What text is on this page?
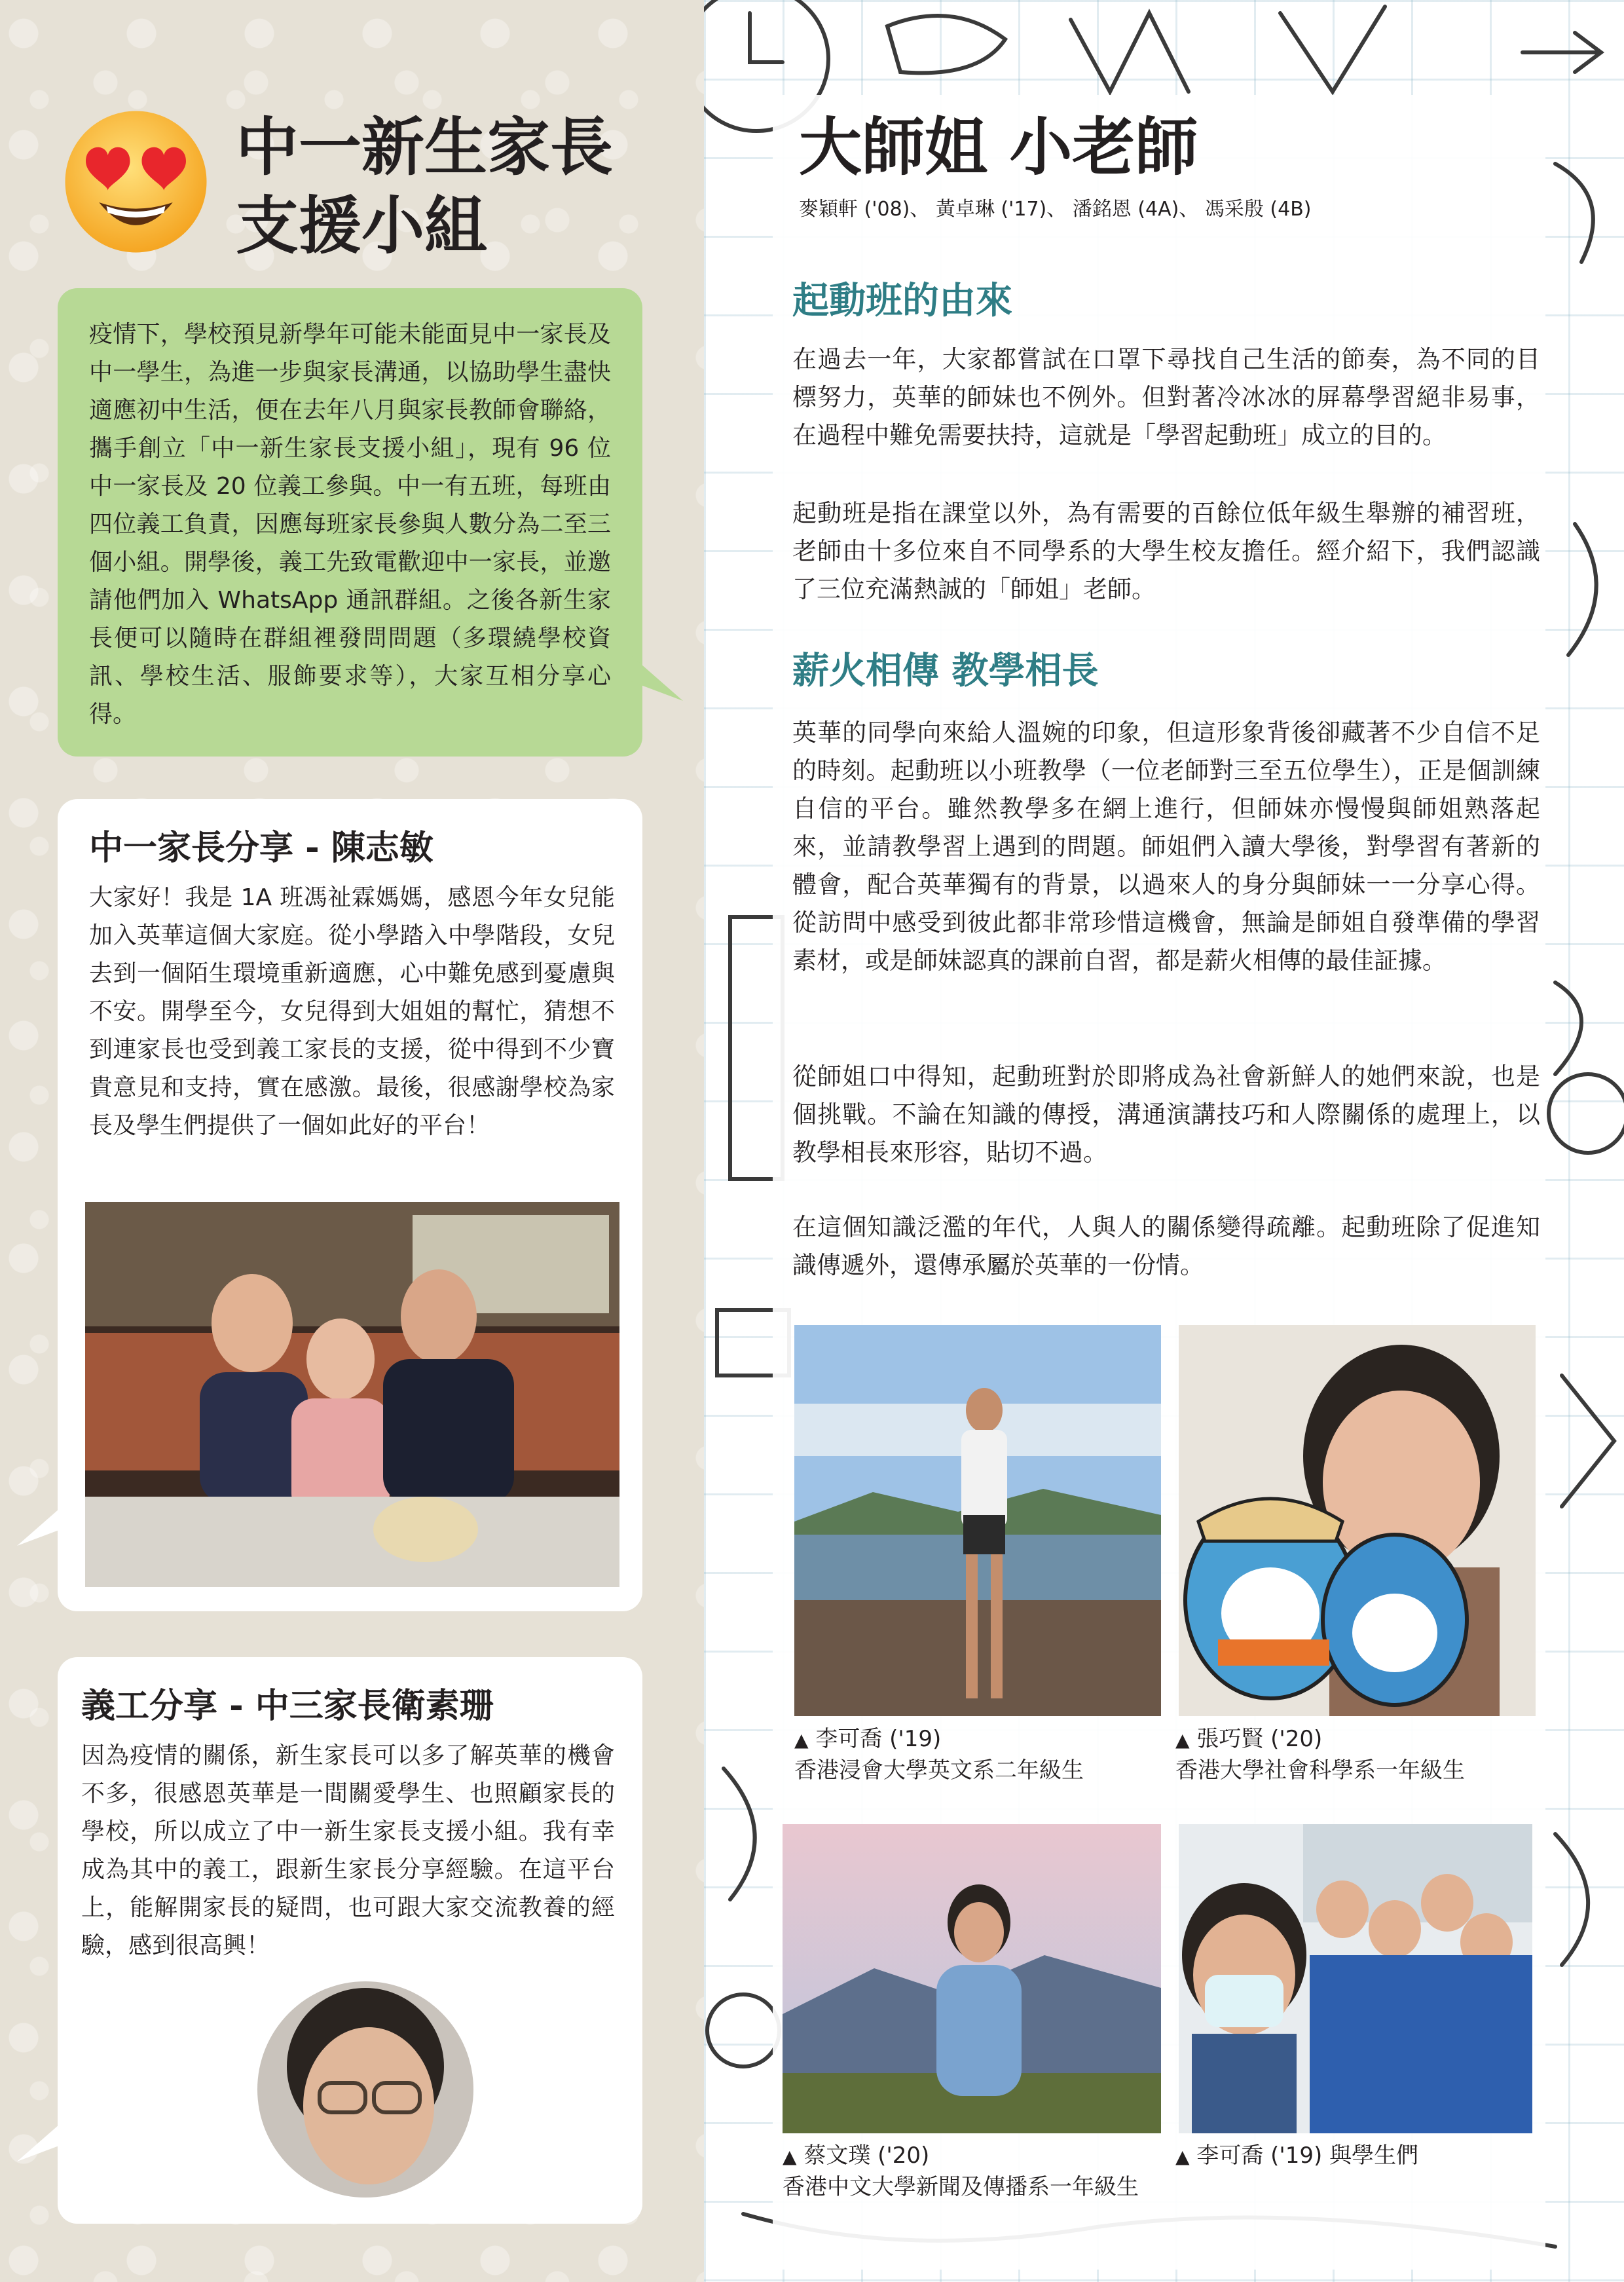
中一新生家長
支援小組

疫情下，學校預見新學年可能未能面見中一家長及中一學生，為進一步與家長溝通，以協助學生盡快適應初中生活，便在去年八月與家長教師會聯絡，攜手創立「中一新生家長支援小組」，現有 96 位中一家長及 20 位義工參與。中一有五班，每班由四位義工負責，因應每班家長參與人數分為二至三個小組。開學後，義工先致電歡迎中一家長，並邀請他們加入 WhatsApp 通訊群組。之後各新生家長便可以隨時在群組裡發問問題（多環繞學校資訊、學校生活、服飾要求等），大家互相分享心得。

中一家長分享 - 陳志敏

大家好！我是 1A 班馮祉霖媽媽，感恩今年女兒能加入英華這個大家庭。從小學踏入中學階段，女兒去到一個陌生環境重新適應，心中難免感到憂慮與不安。開學至今，女兒得到大姐姐的幫忙，猜想不到連家長也受到義工家長的支援，從中得到不少寶貴意見和支持，實在感激。最後，很感謝學校為家長及學生們提供了一個如此好的平台！

義工分享 - 中三家長衛素珊

因為疫情的關係，新生家長可以多了解英華的機會不多，很感恩英華是一間關愛學生、也照顧家長的學校，所以成立了中一新生家長支援小組。我有幸成為其中的義工，跟新生家長分享經驗。在這平台上，能解開家長的疑問，也可跟大家交流教養的經驗，感到很高興！

大師姐 小老師
麥穎軒 ('08)、 黃卓琳 ('17)、 潘銘恩 (4A)、 馮采殷 (4B)
起動班的由來

在過去一年，大家都嘗試在口罩下尋找自己生活的節奏，為不同的目標努力，英華的師妹也不例外。但對著冷冰冰的屏幕學習絕非易事，在過程中難免需要扶持，這就是「學習起動班」成立的目的。

起動班是指在課堂以外，為有需要的百餘位低年級生舉辦的補習班，老師由十多位來自不同學系的大學生校友擔任。經介紹下，我們認識了三位充滿熱誠的「師姐」老師。

薪火相傳 教學相長

英華的同學向來給人溫婉的印象，但這形象背後卻藏著不少自信不足的時刻。起動班以小班教學（一位老師對三至五位學生），正是個訓練自信的平台。雖然教學多在網上進行，但師妹亦慢慢與師姐熟落起來，並請教學習上遇到的問題。師姐們入讀大學後，對學習有著新的體會，配合英華獨有的背景，以過來人的身分與師妹一一分享心得。從訪問中感受到彼此都非常珍惜這機會，無論是師姐自發準備的學習素材，或是師妹認真的課前自習，都是薪火相傳的最佳証據。

從師姐口中得知，起動班對於即將成為社會新鮮人的她們來說，也是個挑戰。不論在知識的傳授，溝通演講技巧和人際關係的處理上，以教學相長來形容，貼切不過。

在這個知識泛濫的年代，人與人的關係變得疏離。起動班除了促進知識傳遞外，還傳承屬於英華的一份情。

▲ 李可喬 ('19)
香港浸會大學英文系二年級生
▲ 張巧賢 ('20)
香港大學社會科學系一年級生
▲ 蔡文璞 ('20)
香港中文大學新聞及傳播系一年級生
▲ 李可喬 ('19) 與學生們
